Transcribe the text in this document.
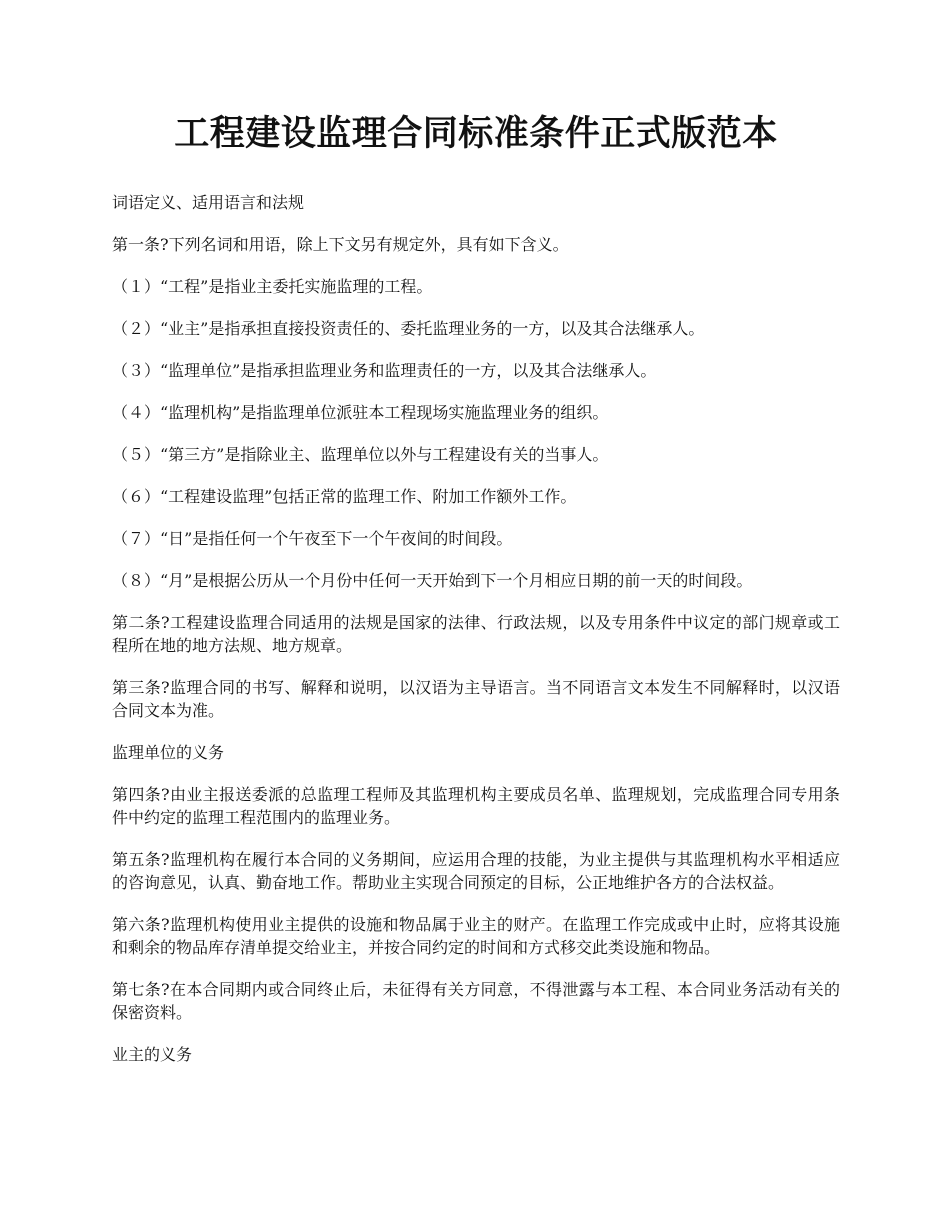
工程建设监理合同标准条件正式版范本

词语定义、适用语言和法规

第一条?下列名词和用语，除上下文另有规定外，具有如下含义。

（１）“工程”是指业主委托实施监理的工程。

（２）“业主”是指承担直接投资责任的、委托监理业务的一方，以及其合法继承人。

（３）“监理单位”是指承担监理业务和监理责任的一方，以及其合法继承人。

（４）“监理机构”是指监理单位派驻本工程现场实施监理业务的组织。

（５）“第三方”是指除业主、监理单位以外与工程建设有关的当事人。

（６）“工程建设监理”包括正常的监理工作、附加工作额外工作。

（７）“日”是指任何一个午夜至下一个午夜间的时间段。

（８）“月”是根据公历从一个月份中任何一天开始到下一个月相应日期的前一天的时间段。

第二条?工程建设监理合同适用的法规是国家的法律、行政法规，以及专用条件中议定的部门规章或工程所在地的地方法规、地方规章。

第三条?监理合同的书写、解释和说明，以汉语为主导语言。当不同语言文本发生不同解释时，以汉语合同文本为准。

监理单位的义务

第四条?由业主报送委派的总监理工程师及其监理机构主要成员名单、监理规划，完成监理合同专用条件中约定的监理工程范围内的监理业务。

第五条?监理机构在履行本合同的义务期间，应运用合理的技能，为业主提供与其监理机构水平相适应的咨询意见，认真、勤奋地工作。帮助业主实现合同预定的目标，公正地维护各方的合法权益。

第六条?监理机构使用业主提供的设施和物品属于业主的财产。在监理工作完成或中止时，应将其设施和剩余的物品库存清单提交给业主，并按合同约定的时间和方式移交此类设施和物品。

第七条?在本合同期内或合同终止后，未征得有关方同意，不得泄露与本工程、本合同业务活动有关的保密资料。

业主的义务
